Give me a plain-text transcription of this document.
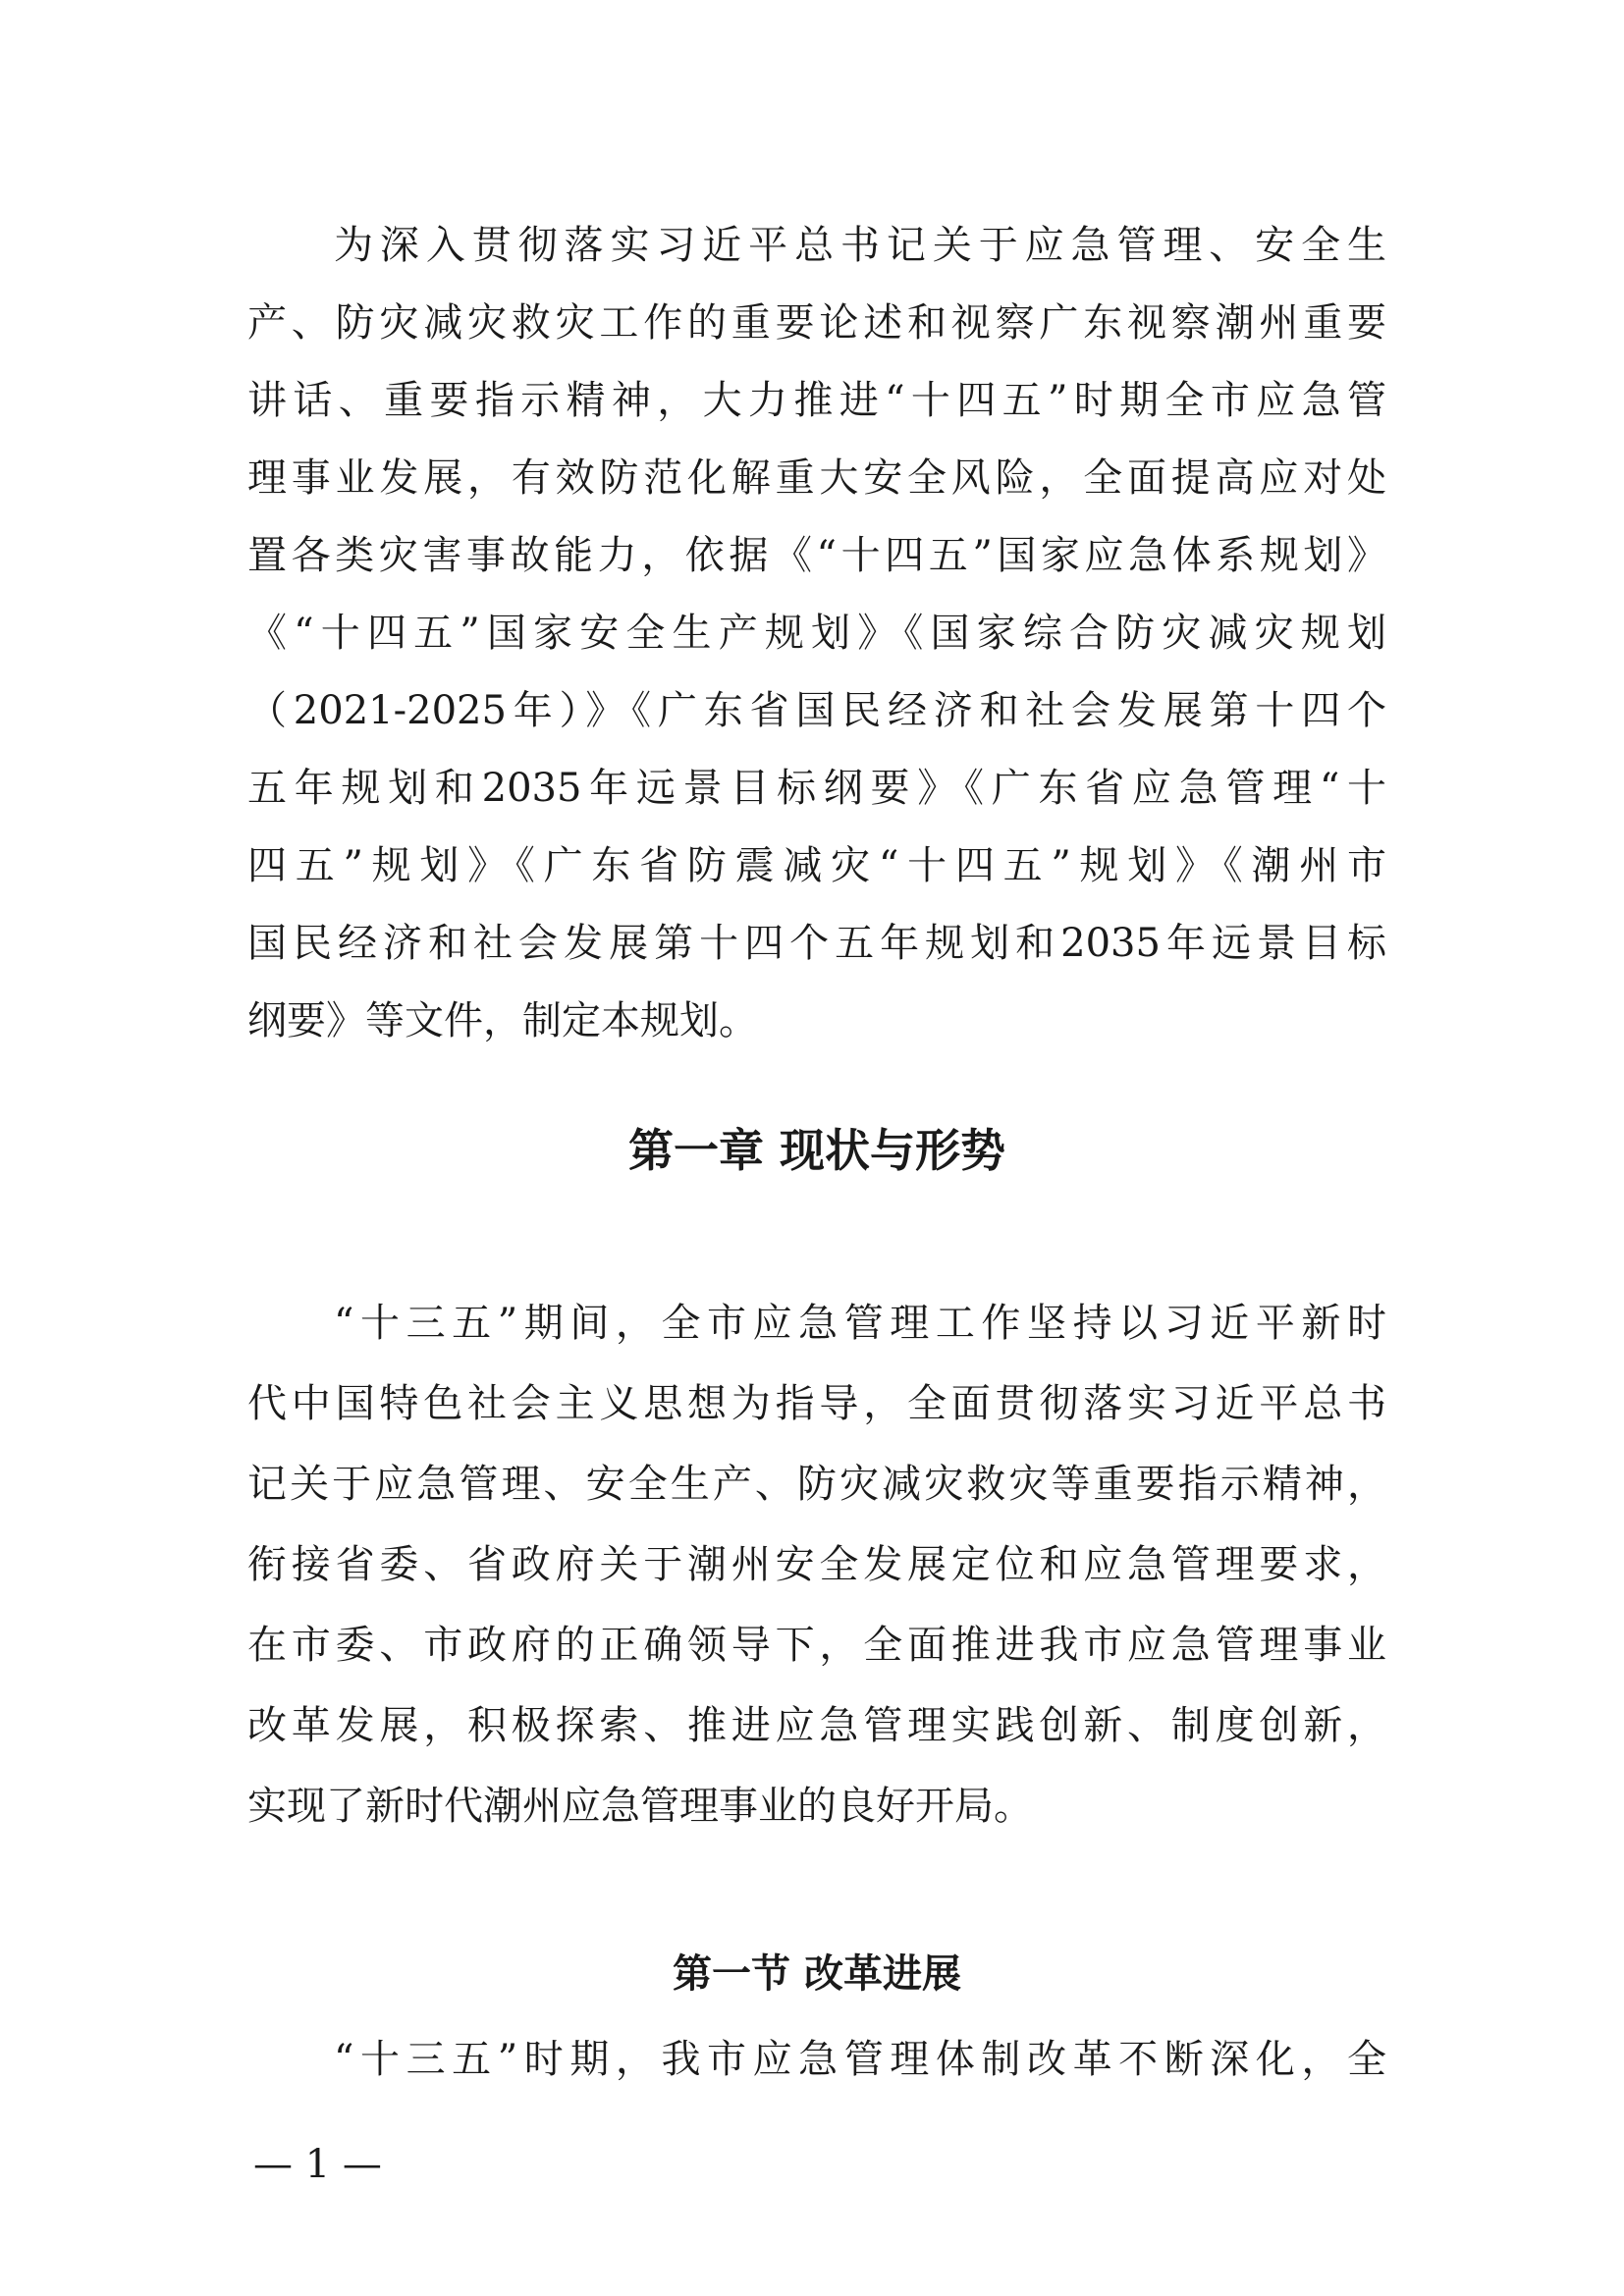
为深入贯彻落实习近平总书记关于应急管理、安全生
产、防灾减灾救灾工作的重要论述和视察广东视察潮州重要
讲话、重要指示精神，大力推进“十四五”时期全市应急管
理事业发展，有效防范化解重大安全风险，全面提高应对处
置各类灾害事故能力，依据《“十四五”国家应急体系规划》
《“十四五”国家安全生产规划》《国家综合防灾减灾规划
（2021-2025年）》《广东省国民经济和社会发展第十四个
五年规划和2035年远景目标纲要》《广东省应急管理“十
四五”规划》《广东省防震减灾“十四五”规划》《潮州市
国民经济和社会发展第十四个五年规划和2035年远景目标
纲要》等文件，制定本规划。
第一章 现状与形势
“十三五”期间，全市应急管理工作坚持以习近平新时
代中国特色社会主义思想为指导，全面贯彻落实习近平总书
记关于应急管理、安全生产、防灾减灾救灾等重要指示精神，
衔接省委、省政府关于潮州安全发展定位和应急管理要求，
在市委、市政府的正确领导下，全面推进我市应急管理事业
改革发展，积极探索、推进应急管理实践创新、制度创新，
实现了新时代潮州应急管理事业的良好开局。
第一节 改革进展
“十三五”时期，我市应急管理体制改革不断深化，全
— 1 —
